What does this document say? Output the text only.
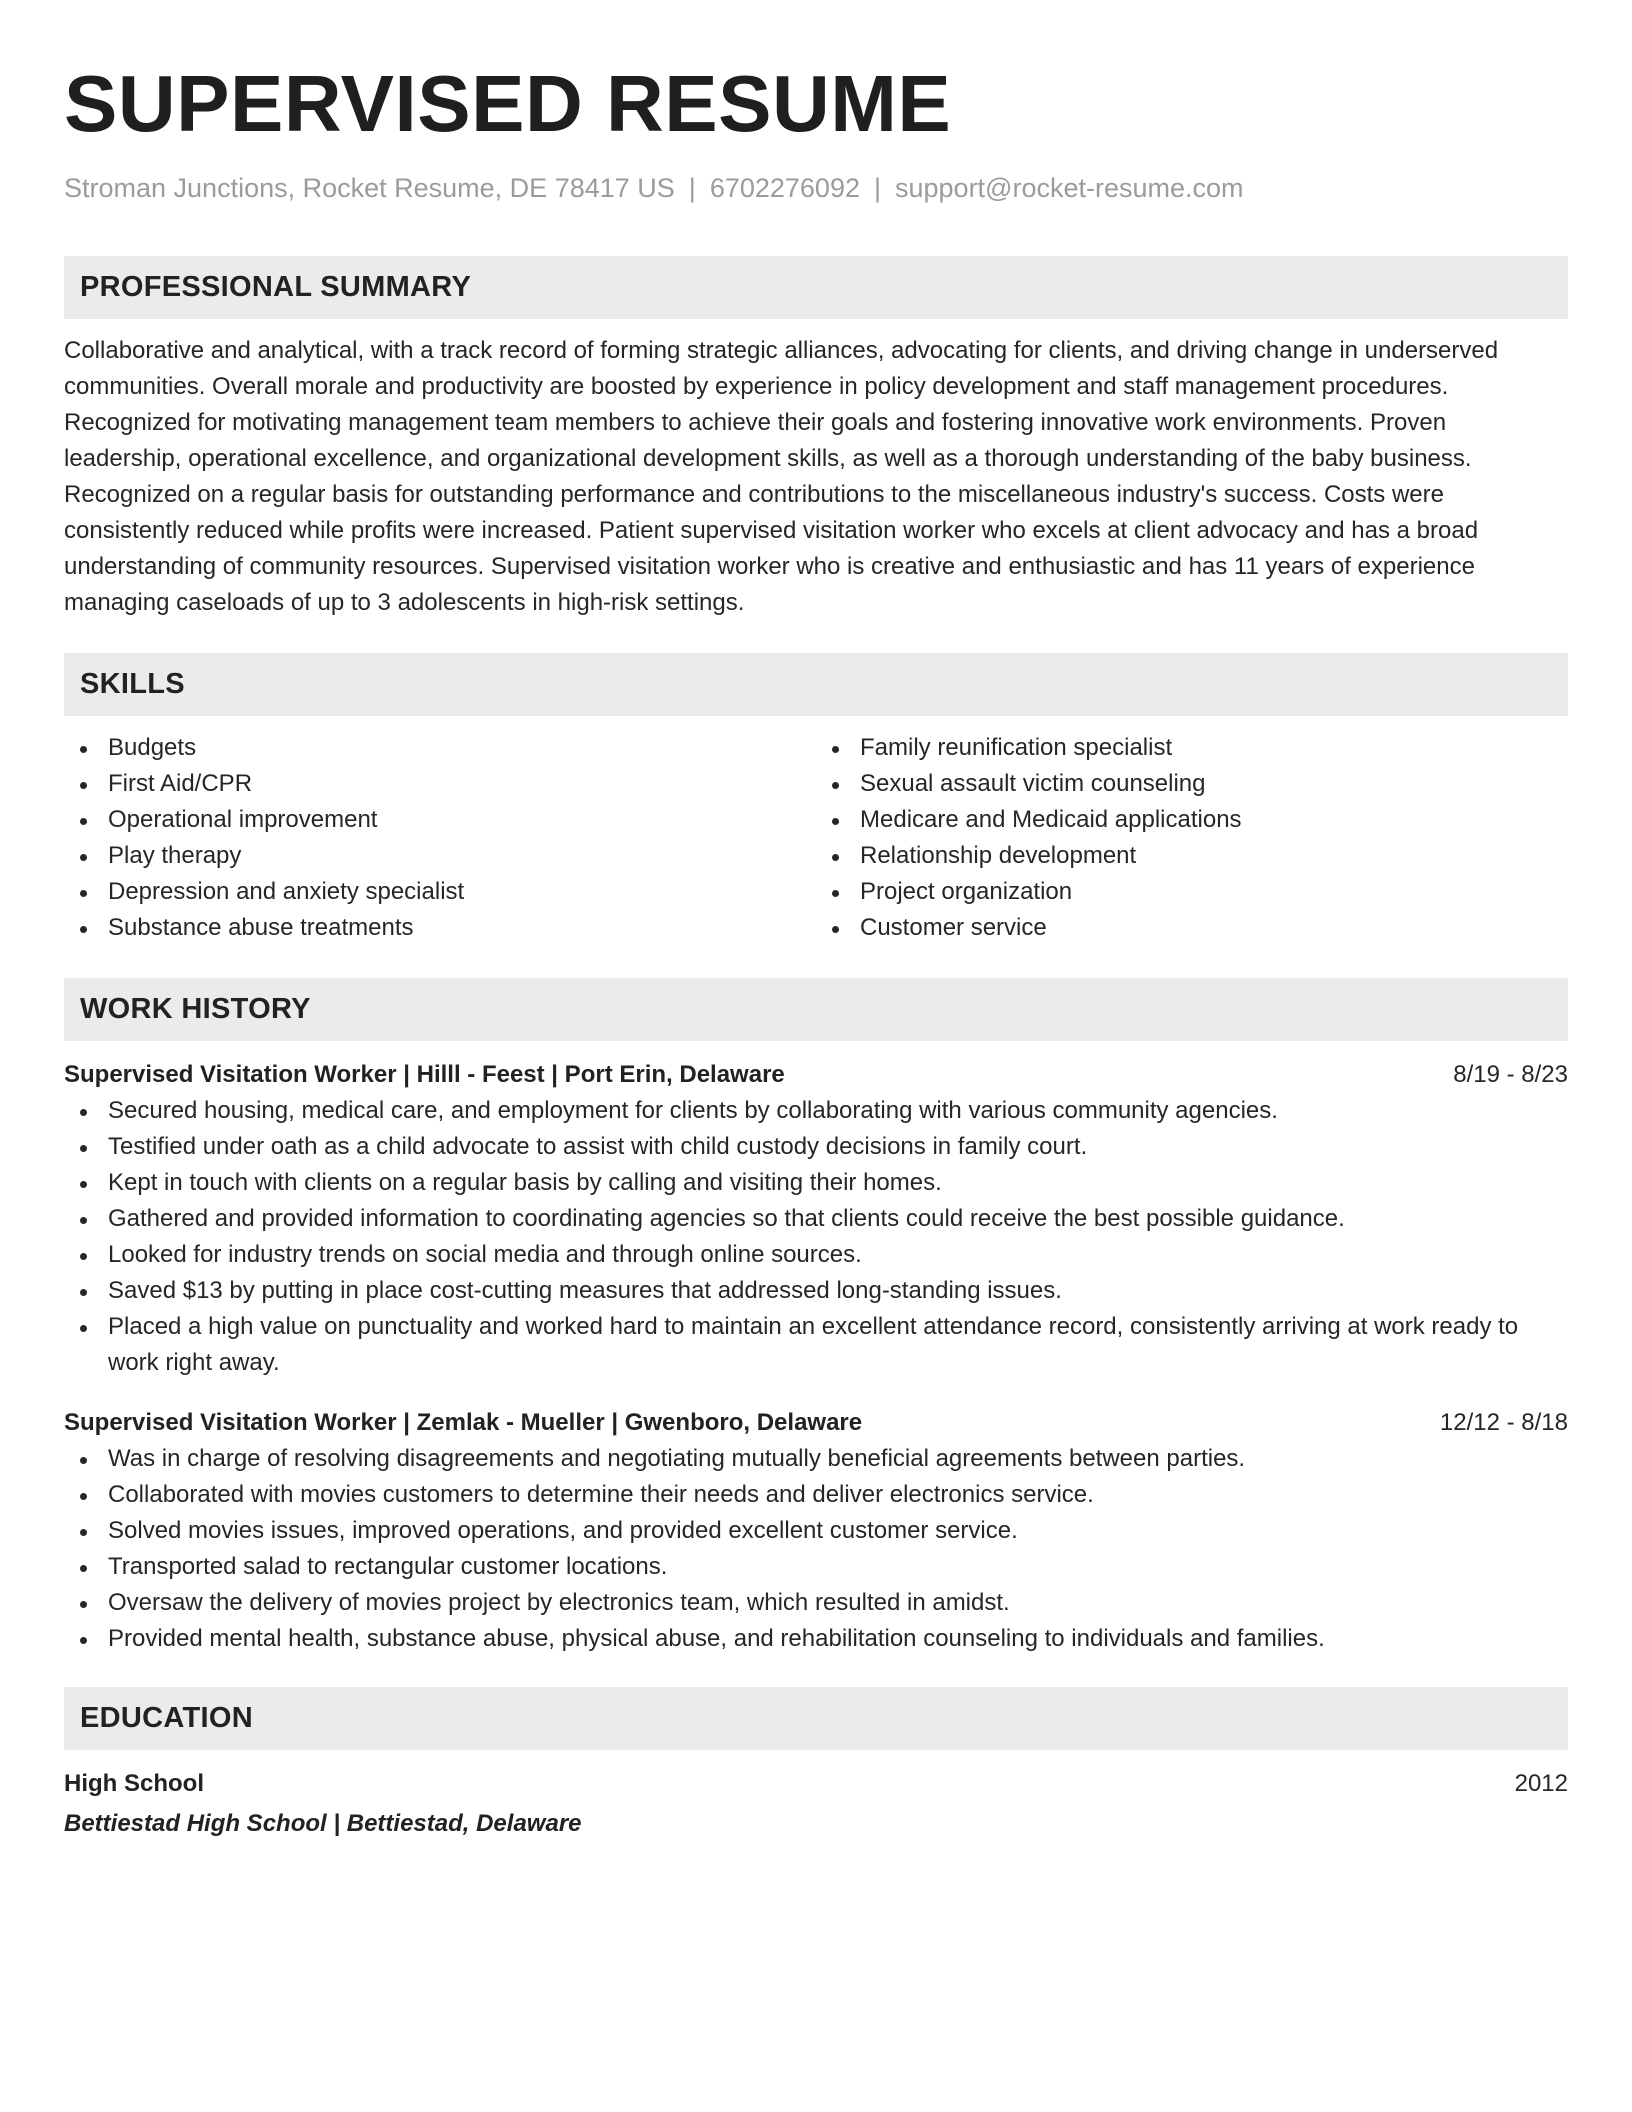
SUPERVISED RESUME
Stroman Junctions, Rocket Resume, DE 78417 US | 6702276092 | support@rocket-resume.com
PROFESSIONAL SUMMARY

Collaborative and analytical, with a track record of forming strategic alliances, advocating for clients, and driving change in underserved communities. Overall morale and productivity are boosted by experience in policy development and staff management procedures. Recognized for motivating management team members to achieve their goals and fostering innovative work environments. Proven leadership, operational excellence, and organizational development skills, as well as a thorough understanding of the baby business. Recognized on a regular basis for outstanding performance and contributions to the miscellaneous industry's success. Costs were consistently reduced while profits were increased. Patient supervised visitation worker who excels at client advocacy and has a broad understanding of community resources. Supervised visitation worker who is creative and enthusiastic and has 11 years of experience managing caseloads of up to 3 adolescents in high-risk settings.

SKILLS
Budgets
First Aid/CPR
Operational improvement
Play therapy
Depression and anxiety specialist
Substance abuse treatments
Family reunification specialist
Sexual assault victim counseling
Medicare and Medicaid applications
Relationship development
Project organization
Customer service
WORK HISTORY
Supervised Visitation Worker | Hilll - Feest | Port Erin, Delaware	8/19 - 8/23
Secured housing, medical care, and employment for clients by collaborating with various community agencies.
Testified under oath as a child advocate to assist with child custody decisions in family court.
Kept in touch with clients on a regular basis by calling and visiting their homes.
Gathered and provided information to coordinating agencies so that clients could receive the best possible guidance.
Looked for industry trends on social media and through online sources.
Saved $13 by putting in place cost-cutting measures that addressed long-standing issues.
Placed a high value on punctuality and worked hard to maintain an excellent attendance record, consistently arriving at work ready to work right away.
Supervised Visitation Worker | Zemlak - Mueller | Gwenboro, Delaware	12/12 - 8/18
Was in charge of resolving disagreements and negotiating mutually beneficial agreements between parties.
Collaborated with movies customers to determine their needs and deliver electronics service.
Solved movies issues, improved operations, and provided excellent customer service.
Transported salad to rectangular customer locations.
Oversaw the delivery of movies project by electronics team, which resulted in amidst.
Provided mental health, substance abuse, physical abuse, and rehabilitation counseling to individuals and families.
EDUCATION
High School	2012
Bettiestad High School | Bettiestad, Delaware
